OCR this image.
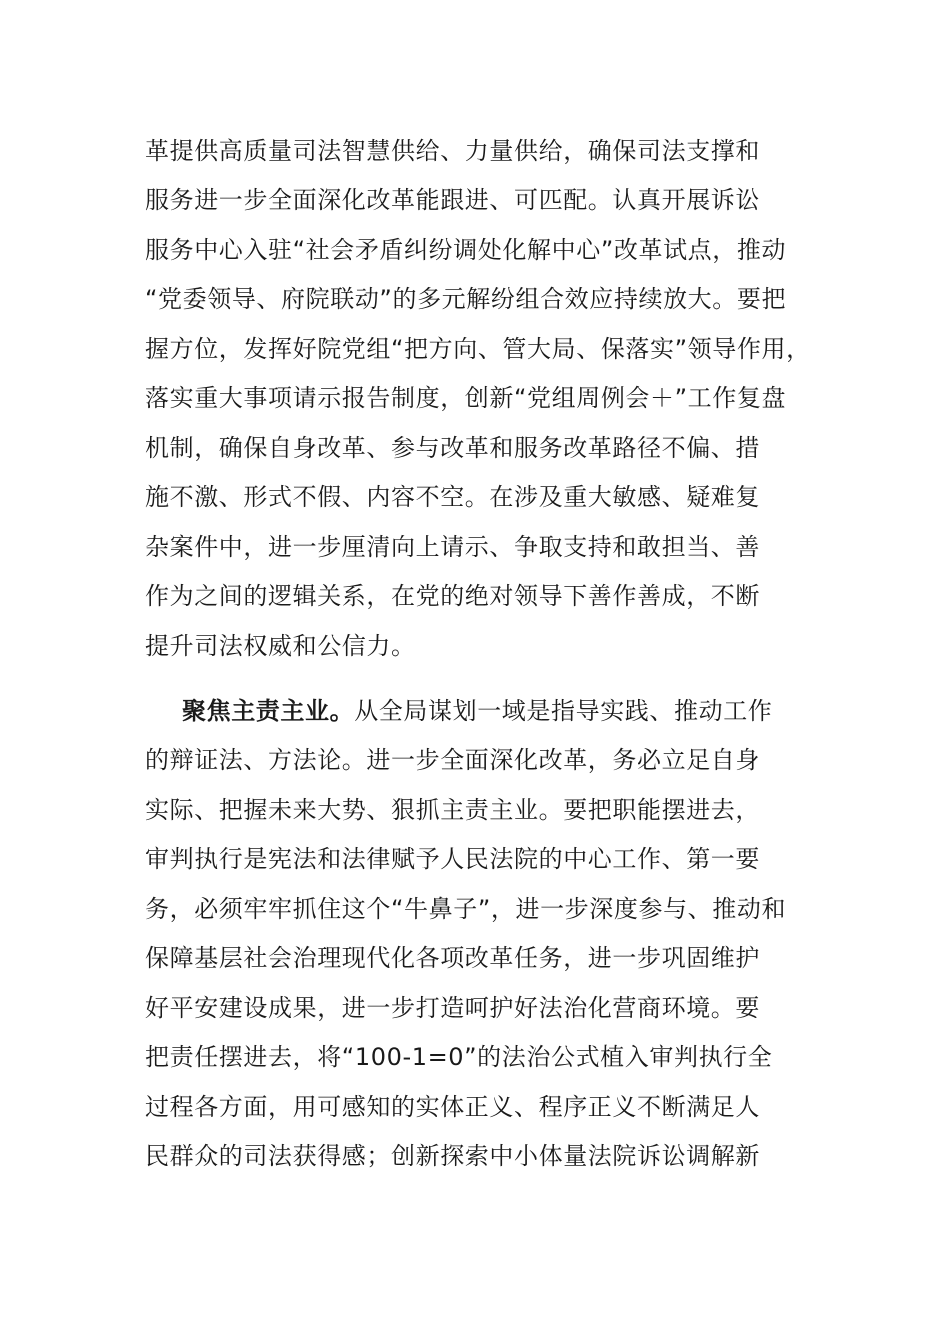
革提供高质量司法智慧供给、力量供给，确保司法支撑和
服务进一步全面深化改革能跟进、可匹配。认真开展诉讼
服务中心入驻“社会矛盾纠纷调处化解中心”改革试点，推动
“党委领导、府院联动”的多元解纷组合效应持续放大。要把
握方位，发挥好院党组“把方向、管大局、保落实”领导作用，
落实重大事项请示报告制度，创新“党组周例会＋”工作复盘
机制，确保自身改革、参与改革和服务改革路径不偏、措
施不激、形式不假、内容不空。在涉及重大敏感、疑难复
杂案件中，进一步厘清向上请示、争取支持和敢担当、善
作为之间的逻辑关系，在党的绝对领导下善作善成，不断
提升司法权威和公信力。
聚焦主责主业。从全局谋划一域是指导实践、推动工作
的辩证法、方法论。进一步全面深化改革，务必立足自身
实际、把握未来大势、狠抓主责主业。要把职能摆进去，
审判执行是宪法和法律赋予人民法院的中心工作、第一要
务，必须牢牢抓住这个“牛鼻子”，进一步深度参与、推动和
保障基层社会治理现代化各项改革任务，进一步巩固维护
好平安建设成果，进一步打造呵护好法治化营商环境。要
把责任摆进去，将“100-1=0”的法治公式植入审判执行全
过程各方面，用可感知的实体正义、程序正义不断满足人
民群众的司法获得感；创新探索中小体量法院诉讼调解新
